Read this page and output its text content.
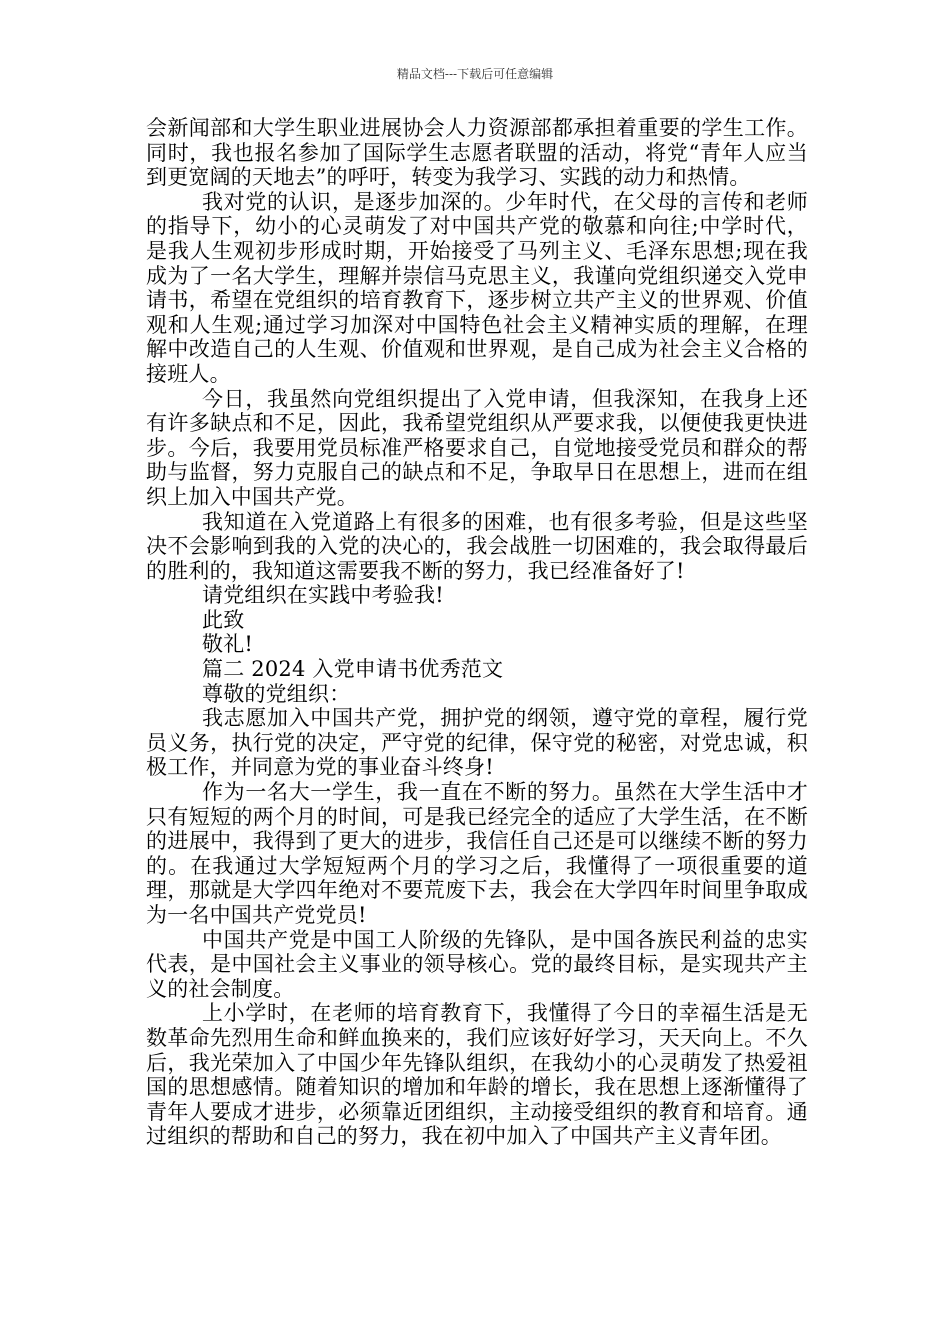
精品文档---下载后可任意编辑

会新闻部和大学生职业进展协会人力资源部都承担着重要的学生工作。同时，我也报名参加了国际学生志愿者联盟的活动，将党“青年人应当到更宽阔的天地去”的呼吁，转变为我学习、实践的动力和热情。

我对党的认识，是逐步加深的。少年时代，在父母的言传和老师的指导下，幼小的心灵萌发了对中国共产党的敬慕和向往;中学时代，是我人生观初步形成时期，开始接受了马列主义、毛泽东思想;现在我成为了一名大学生，理解并崇信马克思主义，我谨向党组织递交入党申请书，希望在党组织的培育教育下，逐步树立共产主义的世界观、价值观和人生观;通过学习加深对中国特色社会主义精神实质的理解，在理解中改造自己的人生观、价值观和世界观，是自己成为社会主义合格的接班人。

今日，我虽然向党组织提出了入党申请，但我深知，在我身上还有许多缺点和不足，因此，我希望党组织从严要求我，以便使我更快进步。今后，我要用党员标准严格要求自己，自觉地接受党员和群众的帮助与监督，努力克服自己的缺点和不足，争取早日在思想上，进而在组织上加入中国共产党。

我知道在入党道路上有很多的困难，也有很多考验，但是这些坚决不会影响到我的入党的决心的，我会战胜一切困难的，我会取得最后的胜利的，我知道这需要我不断的努力，我已经准备好了!

请党组织在实践中考验我!

此致

敬礼!

篇二 2024 入党申请书优秀范文

尊敬的党组织：

我志愿加入中国共产党，拥护党的纲领，遵守党的章程，履行党员义务，执行党的决定，严守党的纪律，保守党的秘密，对党忠诚，积极工作，并同意为党的事业奋斗终身!

作为一名大一学生，我一直在不断的努力。虽然在大学生活中才只有短短的两个月的时间，可是我已经完全的适应了大学生活，在不断的进展中，我得到了更大的进步，我信任自己还是可以继续不断的努力的。在我通过大学短短两个月的学习之后，我懂得了一项很重要的道理，那就是大学四年绝对不要荒废下去，我会在大学四年时间里争取成为一名中国共产党党员!

中国共产党是中国工人阶级的先锋队，是中国各族民利益的忠实代表，是中国社会主义事业的领导核心。党的最终目标，是实现共产主义的社会制度。

上小学时，在老师的培育教育下，我懂得了今日的幸福生活是无数革命先烈用生命和鲜血换来的，我们应该好好学习，天天向上。不久后，我光荣加入了中国少年先锋队组织，在我幼小的心灵萌发了热爱祖国的思想感情。随着知识的增加和年龄的增长，我在思想上逐渐懂得了青年人要成才进步，必须靠近团组织，主动接受组织的教育和培育。通过组织的帮助和自己的努力，我在初中加入了中国共产主义青年团。
